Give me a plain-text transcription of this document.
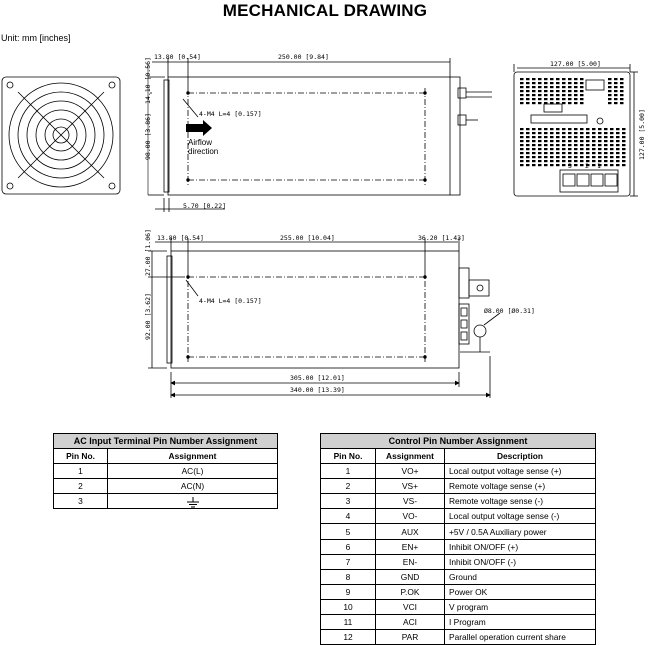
MECHANICAL DRAWING
Unit: mm [inches]
13.80 [0.54]	250.00 [9.84]
14.10 [0.56]
98.00 [3.86]
5.70 [0.22]
4-M4 L=4 [0.157]
Airflow
direction
127.00 [5.00]
127.00 [5.00]
3 2 1
13.80 [0.54]	255.00 [10.04]	36.20 [1.43]
27.00 [1.06]
92.00 [3.62]
305.00 [12.01]
340.00 [13.39]
Ø8.00 [Ø0.31]
4-M4 L=4 [0.157]
AC Input Terminal Pin Number Assignment	
Pin No.	Assignment
1	AC(L)
2	AC(N)
3	
Control Pin Number Assignment		
Pin No.	Assignment	Description
1	VO+	Local output voltage sense (+)
2	VS+	Remote voltage sense (+)
3	VS-	Remote voltage sense (-)
4	VO-	Local output voltage sense (-)
5	AUX	+5V / 0.5A Auxiliary power
6	EN+	Inhibit ON/OFF (+)
7	EN-	Inhibit ON/OFF (-)
8	GND	Ground
9	P.OK	Power OK
10	VCI	V program
11	ACI	I Program
12	PAR	Parallel operation current share
